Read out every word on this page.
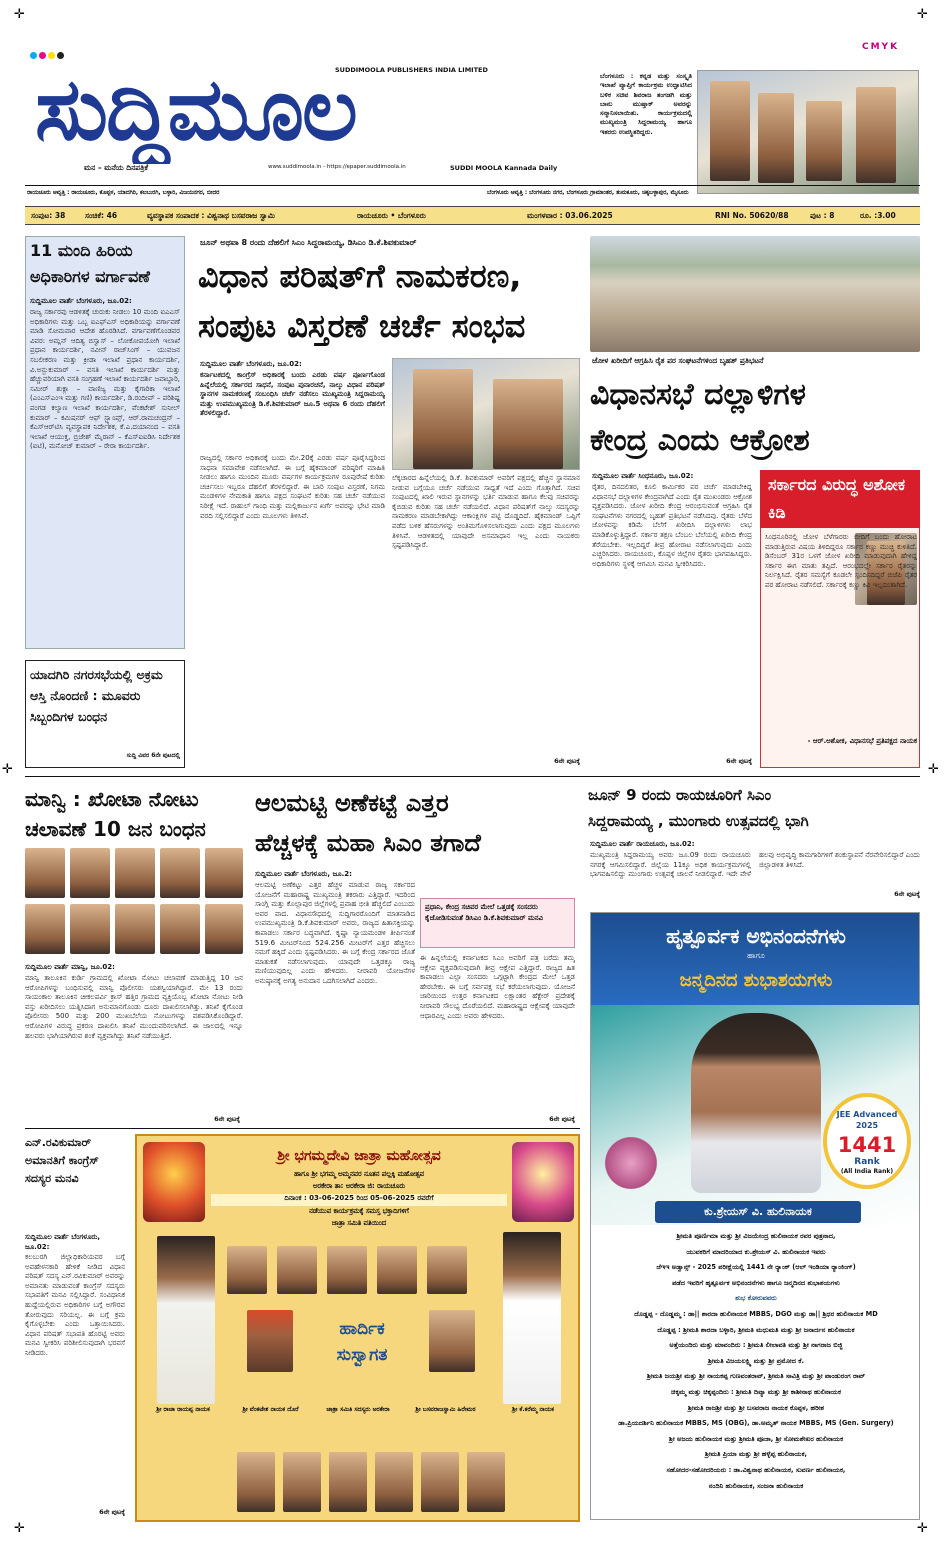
✛	✛
✛	✛
✛	✛
CMYK
SUDDIMOOLA PUBLISHERS INDIA LIMITED
ಸುದ್ದಿಮೂಲ
ಮನ – ಮನೆಯ ದಿನಪತ್ರಿಕೆ	www.suddimoola.in - https://epaper.suddimoola.in	SUDDI MOOLA Kannada Daily
ಬೆಂಗಳೂರು : ಕನ್ನಡ ಮತ್ತು ಸಂಸ್ಕೃತಿ ಇಲಾಖೆ ವ್ಯಾಪ್ತಿಗೆ ಕಾರ್ಯಕ್ರಮ ಉದ್ಘಾಟಿಸಿದ ಬಳಿಕ ಸಚಿವ ಶಿವರಾಜ ತಂಗಡಗಿ ಮತ್ತು ಬಾನು ಮುಷ್ತಾಕ್ ಅವರನ್ನು ಸನ್ಮಾನಿಸಲಾಯಿತು. ಕಾರ್ಯಕ್ರಮದಲ್ಲಿ ಮುಖ್ಯಮಂತ್ರಿ ಸಿದ್ದರಾಮಯ್ಯ ಹಾಗೂ ಇತರರು ಉಪಸ್ಥಿತರಿದ್ದರು.
ರಾಯಚೂರು ಆವೃತ್ತಿ : ರಾಯಚೂರು, ಕೊಪ್ಪಳ, ಯಾದಗಿರಿ, ಕಲಬುರಗಿ, ಬಳ್ಳಾರಿ, ವಿಜಯನಗರ, ಬೀದರ	ಬೆಂಗಳೂರು ಆವೃತ್ತಿ : ಬೆಂಗಳೂರು ನಗರ, ಬೆಂಗಳೂರು ಗ್ರಾಮಾಂತರ, ತುಮಕೂರು, ಚಿಕ್ಕಬಳ್ಳಾಪುರ, ಮೈಸೂರು
ಸಂಪುಟ: 38	ಸಂಚಿಕೆ: 46	ವ್ಯವಸ್ಥಾಪಕ ಸಂಪಾದಕ : ವಿಶ್ವನಾಥ ಬಸವರಾಜ ಸ್ವಾಮಿ	ರಾಯಚೂರು • ಬೆಂಗಳೂರು	ಮಂಗಳವಾರ : 03.06.2025	RNI No. 50620/88	ಪುಟ : 8	ರೂ. :3.00
11 ಮಂದಿ ಹಿರಿಯ ಅಧಿಕಾರಿಗಳ ವರ್ಗಾವಣೆ
ಸುದ್ದಿಮೂಲ ವಾರ್ತೆ ಬೆಂಗಳೂರು, ಜೂ.02:
ರಾಜ್ಯ ಸರ್ಕಾರವು ಆಡಳಿತಕ್ಕೆ ಚುರುಕು ನೀಡಲು 10 ಮಂದಿ ಐಎಎಸ್ ಅಧಿಕಾರಿಗಳು ಮತ್ತು ಒಬ್ಬ ಐಎಫ್‌ಎಸ್ ಅಧಿಕಾರಿಯನ್ನು ವರ್ಗಾವಣೆ ಮಾಡಿ ಸೋಮವಾರ ಆದೇಶ ಹೊರಡಿಸಿದೆ. ವರ್ಗಾವಣೆಗೊಂಡವರ ವಿವರ: ಅಮ್ಲನ್ ಆದಿತ್ಯ ಬಿಸ್ವಾಸ್ – ಲೋಕೋಪಯೋಗಿ ಇಲಾಖೆ ಪ್ರಧಾನ ಕಾರ್ಯದರ್ಶಿ, ನವೀನ್ ರಾಜ್‌ಸಿಂಗ್ – ಯುವಜನ ಸಬಲೀಕರಣ ಮತ್ತು ಕ್ರೀಡಾ ಇಲಾಖೆ ಪ್ರಧಾನ ಕಾರ್ಯದರ್ಶಿ, ವಿ.ಅನ್ಬುಕುಮಾರ್ – ವಸತಿ ಇಲಾಖೆ ಕಾರ್ಯದರ್ಶಿ ಮತ್ತು ಹೆಚ್ಚುವರಿಯಾಗಿ ವಸತಿ ಸಂಗ್ರಹಣೆ ಇಲಾಖೆ ಕಾರ್ಯದರ್ಶಿ ಜವಾಬ್ದಾರಿ, ಸಮೀರ್ ಶುಕ್ಲಾ – ವಾಣಿಜ್ಯ ಮತ್ತು ಕೈಗಾರಿಕಾ ಇಲಾಖೆ (ಎಂಎಸ್‌ಎಂಇ ಮತ್ತು ಗಣಿ) ಕಾರ್ಯದರ್ಶಿ, ಡಿ.ರಂದೀಪ್ – ಪರಿಶಿಷ್ಟ ಪಂಗಡ ಕಲ್ಯಾಣ ಇಲಾಖೆ ಕಾರ್ಯದರ್ಶಿ, ವೆಂಕಟೇಶ್ ಸುನೀಲ್ ಕುಮಾರ್ – ಕಮಿಷನರ್ ಆಫ್ ಸ್ಟ್ಯಾಂಪ್ಸ್, ಆರ್.ರಾಮಚಂದ್ರನ್ – ಕೆಎಸ್‌ಆರ್‌ಟಿಸಿ ವ್ಯವಸ್ಥಾಪಕ ನಿರ್ದೇಶಕ, ಕೆ.ಎ.ದಯಾನಂದ – ವಸತಿ ಇಲಾಖೆ ಆಯುಕ್ತ, ಬ್ರಿಜೇಶ್ ಮೈರಾನ್ – ಕೆಎಸ್‌ಐಐಡಿಸಿ ನಿರ್ದೇಶಕ (ಐಟಿ), ಮನೋಜ್ ಕುಮಾರ್ – ರೇರಾ ಕಾರ್ಯದರ್ಶಿ.
ಯಾದಗಿರಿ ನಗರಸಭೆಯಲ್ಲಿ ಅಕ್ರಮ ಆಸ್ತಿ ನೊಂದಣಿ : ಮೂವರು ಸಿಬ್ಬಂದಿಗಳ ಬಂಧನ
ಸುದ್ದಿ ವಿವರ 6ನೇ ಪುಟದಲ್ಲಿ
ಜೂನ್ ಅಥವಾ 8 ರಂದು ದೆಹಲಿಗೆ ಸಿಎಂ ಸಿದ್ದರಾಮಯ್ಯ, ಡಿಸಿಎಂ ಡಿ.ಕೆ.ಶಿವಕುಮಾರ್
ವಿಧಾನ ಪರಿಷತ್‌ಗೆ ನಾಮಕರಣ,
ಸಂಪುಟ ವಿಸ್ತರಣೆ ಚರ್ಚೆ ಸಂಭವ
ಸುದ್ದಿಮೂಲ ವಾರ್ತೆ ಬೆಂಗಳೂರು, ಜೂ.02:
ಕರ್ನಾಟಕದಲ್ಲಿ ಕಾಂಗ್ರೆಸ್ ಅಧಿಕಾರಕ್ಕೆ ಬಂದು ಎರಡು ವರ್ಷ ಪೂರ್ಣಗೊಂಡ ಹಿನ್ನೆಲೆಯಲ್ಲಿ ಸರ್ಕಾರದ ಸಾಧನೆ, ಸಂಪುಟ ಪುನಾರಚನೆ, ನಾಲ್ಕು ವಿಧಾನ ಪರಿಷತ್ ಸ್ಥಾನಗಳ ನಾಮಕರಣಕ್ಕೆ ಸಂಬಂಧಿಸಿ ಚರ್ಚೆ ನಡೆಸಲು ಮುಖ್ಯಮಂತ್ರಿ ಸಿದ್ದರಾಮಯ್ಯ ಮತ್ತು ಉಪಮುಖ್ಯಮಂತ್ರಿ ಡಿ.ಕೆ.ಶಿವಕುಮಾರ್ ಜೂ.5 ಅಥವಾ 6 ರಂದು ದೆಹಲಿಗೆ ತೆರಳಲಿದ್ದಾರೆ.
ರಾಜ್ಯದಲ್ಲಿ ಸರ್ಕಾರ ಅಧಿಕಾರಕ್ಕೆ ಬಂದು ಮೇ.20ಕ್ಕೆ ಎರಡು ವರ್ಷ ಪೂರೈಸಿದ್ದರಿಂದ ಸಾಧನಾ ಸಮಾವೇಶ ನಡೆಸಲಾಗಿದೆ. ಈ ಬಗ್ಗೆ ಹೈಕಮಾಂಡ್ ವರಿಷ್ಠರಿಗೆ ಮಾಹಿತಿ ನೀಡಲು ಹಾಗೂ ಮುಂದಿನ ಮೂರು ವರ್ಷಗಳ ಕಾರ್ಯಕ್ರಮಗಳ ರೂಪುರೇಷೆ ಕುರಿತು ಚರ್ಚಿಸಲು ಇಬ್ಬರೂ ದೆಹಲಿಗೆ ತೆರಳಲಿದ್ದಾರೆ. ಈ ಬಾರಿ ಸಂಪುಟ ವಿಸ್ತರಣೆ, ನಿಗಮ ಮಂಡಳಿಗಳ ನೇಮಕಾತಿ ಹಾಗೂ ಪಕ್ಷದ ಸಂಘಟನೆ ಕುರಿತು ಸಹ ಚರ್ಚೆ ನಡೆಯುವ ನಿರೀಕ್ಷೆ ಇದೆ. ರಾಹುಲ್ ಗಾಂಧಿ ಮತ್ತು ಮಲ್ಲಿಕಾರ್ಜುನ ಖರ್ಗೆ ಅವರನ್ನು ಭೇಟಿ ಮಾಡಿ ವರದಿ ಸಲ್ಲಿಸಲಿದ್ದಾರೆ ಎಂದು ಮೂಲಗಳು ತಿಳಿಸಿವೆ.
ಲೆಕ್ಕಚಾರದ ಹಿನ್ನೆಲೆಯಲ್ಲಿ ಡಿ.ಕೆ. ಶಿವಕುಮಾರ್ ಅವರಿಗೆ ಪಕ್ಷದಲ್ಲಿ ಹೆಚ್ಚಿನ ಸ್ಥಾನಮಾನ ನೀಡುವ ಬಗ್ಗೆಯೂ ಚರ್ಚೆ ನಡೆಯುವ ಸಾಧ್ಯತೆ ಇದೆ ಎಂದು ಗೊತ್ತಾಗಿದೆ. ಸಚಿವ ಸಂಪುಟದಲ್ಲಿ ಖಾಲಿ ಇರುವ ಸ್ಥಾನಗಳನ್ನು ಭರ್ತಿ ಮಾಡುವ ಹಾಗೂ ಕೆಲವು ಸಚಿವರನ್ನು ಕೈಬಿಡುವ ಕುರಿತು ಸಹ ಚರ್ಚೆ ನಡೆಯಲಿದೆ. ವಿಧಾನ ಪರಿಷತ್‌ಗೆ ನಾಲ್ಕು ಸದಸ್ಯರನ್ನು ನಾಮಕರಣ ಮಾಡಬೇಕಾಗಿದ್ದು ಆಕಾಂಕ್ಷಿಗಳ ಪಟ್ಟಿ ದೊಡ್ಡದಿದೆ. ಹೈಕಮಾಂಡ್ ಒಪ್ಪಿಗೆ ಪಡೆದ ಬಳಿಕ ಹೆಸರುಗಳನ್ನು ಅಂತಿಮಗೊಳಿಸಲಾಗುವುದು ಎಂದು ಪಕ್ಷದ ಮೂಲಗಳು ತಿಳಿಸಿವೆ. ಆಡಳಿತದಲ್ಲಿ ಯಾವುದೇ ಅಸಮಾಧಾನ ಇಲ್ಲ ಎಂದು ನಾಯಕರು ಸ್ಪಷ್ಟಪಡಿಸಿದ್ದಾರೆ.
6ನೇ ಪುಟಕ್ಕೆ
ಜೋಳ ಖರೀದಿಗೆ ಆಗ್ರಹಿಸಿ ರೈತ ಪರ ಸಂಘಟನೆಗಳಿಂದ ಬೃಹತ್ ಪ್ರತಿಭಟನೆ
ವಿಧಾನಸಭೆ ದಲ್ಲಾಳಿಗಳ
ಕೇಂದ್ರ ಎಂದು ಆಕ್ರೋಶ
ಸುದ್ದಿಮೂಲ ವಾರ್ತೆ ಸಿಂಧನೂರು, ಜೂ.02:
ರೈತರ, ದಿನದಲಿತರ, ಕೂಲಿ ಕಾರ್ಮಿಕರ ಪರ ಚರ್ಚೆ ಮಾಡಬೇಕಿದ್ದ ವಿಧಾನಸಭೆ ದಲ್ಲಾಳಿಗಳ ಕೇಂದ್ರವಾಗಿದೆ ಎಂದು ರೈತ ಮುಖಂಡರು ಆಕ್ರೋಶ ವ್ಯಕ್ತಪಡಿಸಿದರು. ಜೋಳ ಖರೀದಿ ಕೇಂದ್ರ ಆರಂಭಿಸುವಂತೆ ಆಗ್ರಹಿಸಿ ರೈತ ಸಂಘಟನೆಗಳು ನಗರದಲ್ಲಿ ಬೃಹತ್ ಪ್ರತಿಭಟನೆ ನಡೆಸಿದವು. ರೈತರು ಬೆಳೆದ ಜೋಳವನ್ನು ಕಡಿಮೆ ಬೆಲೆಗೆ ಖರೀದಿಸಿ ದಲ್ಲಾಳಿಗಳು ಲಾಭ ಮಾಡಿಕೊಳ್ಳುತ್ತಿದ್ದಾರೆ. ಸರ್ಕಾರ ತಕ್ಷಣ ಬೆಂಬಲ ಬೆಲೆಯಲ್ಲಿ ಖರೀದಿ ಕೇಂದ್ರ ತೆರೆಯಬೇಕು. ಇಲ್ಲದಿದ್ದರೆ ತೀವ್ರ ಹೋರಾಟ ನಡೆಸಲಾಗುವುದು ಎಂದು ಎಚ್ಚರಿಸಿದರು. ರಾಯಚೂರು, ಕೊಪ್ಪಳ ಜಿಲ್ಲೆಗಳ ರೈತರು ಭಾಗವಹಿಸಿದ್ದರು. ಅಧಿಕಾರಿಗಳು ಸ್ಥಳಕ್ಕೆ ಆಗಮಿಸಿ ಮನವಿ ಸ್ವೀಕರಿಸಿದರು.
6ನೇ ಪುಟಕ್ಕೆ
ಸರ್ಕಾರದ ವಿರುದ್ಧ ಅಶೋಕ ಕಿಡಿ
ಸಿಂಧನೂರಿನಲ್ಲಿ ಜೋಳ ಬೆಳೆಗಾರರು ಬೀದಿಗೆ ಬಂದು ಹೋರಾಟ ಮಾಡುತ್ತಿರುವ ವಿಷಯ ತಿಳಿದಿದ್ದರೂ ಸರ್ಕಾರ ಕಣ್ಣು ಮುಚ್ಚಿ ಕುಳಿತಿದೆ. ಡಿಸೆಂಬರ್ 31ರ ಒಳಗೆ ಜೋಳ ಖರೀದಿ ಮಾಡುವುದಾಗಿ ಹೇಳಿದ್ದ ಸರ್ಕಾರ ಈಗ ಮಾತು ತಪ್ಪಿದೆ. ಆರಂಭದಲ್ಲೇ ಸರ್ಕಾರ ರೈತರನ್ನು ನಿರ್ಲಕ್ಷಿಸಿದೆ. ರೈತರ ಸಮಸ್ಯೆಗೆ ಕೂಡಲೇ ಸ್ಪಂದಿಸದಿದ್ದರೆ ಬಿಜೆಪಿ ರೈತರ ಪರ ಹೋರಾಟ ನಡೆಸಲಿದೆ. ಸರ್ಕಾರಕ್ಕೆ ಕಣ್ಣು ಕಿವಿ ಇಲ್ಲದಂತಾಗಿದೆ.
- ಆರ್.ಅಶೋಕ, ವಿಧಾನಸಭೆ ಪ್ರತಿಪಕ್ಷದ ನಾಯಕ
ಮಾನ್ವಿ : ಖೋಟಾ ನೋಟು
ಚಲಾವಣೆ 10 ಜನ ಬಂಧನ
ಸುದ್ದಿಮೂಲ ವಾರ್ತೆ ಮಾನ್ವಿ, ಜೂ.02:
ಮಾನ್ವಿ ತಾಲೂಕಿನ ಕುರ್ಡಿ ಗ್ರಾಮದಲ್ಲಿ ಖೋಟಾ ನೋಟು ಚಲಾವಣೆ ಮಾಡುತ್ತಿದ್ದ 10 ಜನ ಆರೋಪಿಗಳನ್ನು ಬಂಧಿಸುವಲ್ಲಿ ಮಾನ್ವಿ ಪೊಲೀಸರು ಯಶಸ್ವಿಯಾಗಿದ್ದಾರೆ. ಮೇ 13 ರಂದು ಸಾಯಂಕಾಲ ತಾಲೂಕಿನ ಚೀಕಲಪರ್ವಿ ಕ್ರಾಸ್ ಹತ್ತಿರ ಗ್ರಾಮದ ವ್ಯಕ್ತಿಯೊಬ್ಬ ಖೋಟಾ ನೋಟು ನೀಡಿ ವಸ್ತು ಖರೀದಿಸಲು ಯತ್ನಿಸಿದಾಗ ಅನುಮಾನಗೊಂಡು ದೂರು ದಾಖಲಿಸಲಾಗಿತ್ತು. ತನಿಖೆ ಕೈಗೊಂಡ ಪೊಲೀಸರು 500 ಮತ್ತು 200 ಮುಖಬೆಲೆಯ ನೋಟುಗಳನ್ನು ವಶಪಡಿಸಿಕೊಂಡಿದ್ದಾರೆ. ಆರೋಪಿಗಳ ವಿರುದ್ಧ ಪ್ರಕರಣ ದಾಖಲಿಸಿ ತನಿಖೆ ಮುಂದುವರಿಸಲಾಗಿದೆ. ಈ ಜಾಲದಲ್ಲಿ ಇನ್ನೂ ಹಲವರು ಭಾಗಿಯಾಗಿರುವ ಶಂಕೆ ವ್ಯಕ್ತವಾಗಿದ್ದು ತನಿಖೆ ನಡೆಯುತ್ತಿದೆ.
6ನೇ ಪುಟಕ್ಕೆ
ಆಲಮಟ್ಟಿ ಅಣೆಕಟ್ಟೆ ಎತ್ತರ
ಹೆಚ್ಚಳಕ್ಕೆ ಮಹಾ ಸಿಎಂ ತಗಾದೆ
ಸುದ್ದಿಮೂಲ ವಾರ್ತೆ ಬೆಂಗಳೂರು, ಜೂ.2:
ಆಲಮಟ್ಟಿ ಅಣೆಕಟ್ಟು ಎತ್ತರ ಹೆಚ್ಚಳ ಮಾಡುವ ರಾಜ್ಯ ಸರ್ಕಾರದ ಯೋಜನೆಗೆ ಮಹಾರಾಷ್ಟ್ರ ಮುಖ್ಯಮಂತ್ರಿ ತಕರಾರು ಎತ್ತಿದ್ದಾರೆ. ಇದರಿಂದ ಸಾಂಗ್ಲಿ ಮತ್ತು ಕೊಲ್ಲಾಪುರ ಜಿಲ್ಲೆಗಳಲ್ಲಿ ಪ್ರವಾಹ ಭೀತಿ ಹೆಚ್ಚಲಿದೆ ಎಂಬುದು ಅವರ ವಾದ. ವಿಧಾನಸೌಧದಲ್ಲಿ ಸುದ್ದಿಗಾರರೊಂದಿಗೆ ಮಾತನಾಡಿದ ಉಪಮುಖ್ಯಮಂತ್ರಿ ಡಿ.ಕೆ.ಶಿವಕುಮಾರ್ ಅವರು, ರಾಜ್ಯದ ಹಿತಾಸಕ್ತಿಯನ್ನು ಕಾಪಾಡಲು ಸರ್ಕಾರ ಬದ್ಧವಾಗಿದೆ. ಕೃಷ್ಣಾ ನ್ಯಾಯಮಂಡಳಿ ತೀರ್ಪಿನಂತೆ 519.6 ಮೀಟರ್‌ನಿಂದ 524.256 ಮೀಟರ್‌ಗೆ ಎತ್ತರ ಹೆಚ್ಚಿಸಲು ನಮಗೆ ಹಕ್ಕಿದೆ ಎಂದು ಸ್ಪಷ್ಟಪಡಿಸಿದರು. ಈ ಬಗ್ಗೆ ಕೇಂದ್ರ ಸರ್ಕಾರದ ಜೊತೆ ಮಾತುಕತೆ ನಡೆಸಲಾಗುವುದು. ಯಾವುದೇ ಒತ್ತಡಕ್ಕೂ ರಾಜ್ಯ ಮಣಿಯುವುದಿಲ್ಲ ಎಂದು ಹೇಳಿದರು. ನೀರಾವರಿ ಯೋಜನೆಗಳ ಅನುಷ್ಠಾನಕ್ಕೆ ಅಗತ್ಯ ಅನುದಾನ ಒದಗಿಸಲಾಗಿದೆ ಎಂದರು.
ಪ್ರಧಾನಿ, ಕೇಂದ್ರ ಸಚಿವರ ಮೇಲೆ ಒತ್ತಡಕ್ಕೆ ಸಂಸದರು ಕೈಜೋಡಿಸುವಂತೆ ಡಿಸಿಎಂ ಡಿ.ಕೆ.ಶಿವಕುಮಾರ್ ಮನವಿ
ಈ ಹಿನ್ನಲೆಯಲ್ಲಿ ಕರ್ನಾಟಕದ ಸಿಎಂ ಅವರಿಗೆ ಪತ್ರ ಬರೆದು ತಮ್ಮ ಆಕ್ಷೇಪ ವ್ಯಕ್ತಪಡಿಸುವುದಾಗಿ ತೀವ್ರ ಆಕ್ಷೇಪ ಎತ್ತಿದ್ದಾರೆ. ರಾಜ್ಯದ ಹಿತ ಕಾಪಾಡಲು ಎಲ್ಲಾ ಸಂಸದರು ಒಗ್ಗಟ್ಟಾಗಿ ಕೇಂದ್ರದ ಮೇಲೆ ಒತ್ತಡ ಹೇರಬೇಕು. ಈ ಬಗ್ಗೆ ಸರ್ವಪಕ್ಷ ಸಭೆ ಕರೆಯಲಾಗುವುದು. ಯೋಜನೆ ಜಾರಿಯಿಂದ ಉತ್ತರ ಕರ್ನಾಟಕದ ಲಕ್ಷಾಂತರ ಹೆಕ್ಟೇರ್ ಪ್ರದೇಶಕ್ಕೆ ನೀರಾವರಿ ಸೌಲಭ್ಯ ದೊರೆಯಲಿದೆ. ಮಹಾರಾಷ್ಟ್ರದ ಆಕ್ಷೇಪಕ್ಕೆ ಯಾವುದೇ ಆಧಾರವಿಲ್ಲ ಎಂದು ಅವರು ಹೇಳಿದರು.
6ನೇ ಪುಟಕ್ಕೆ
ಜೂನ್ 9 ರಂದು ರಾಯಚೂರಿಗೆ ಸಿಎಂ
ಸಿದ್ದರಾಮಯ್ಯ , ಮುಂಗಾರು ಉತ್ಸವದಲ್ಲಿ ಭಾಗಿ
ಸುದ್ದಿಮೂಲ ವಾರ್ತೆ ರಾಯಚೂರು, ಜೂ.02:
ಮುಖ್ಯಮಂತ್ರಿ ಸಿದ್ದರಾಮಯ್ಯ ಅವರು ಜೂ.09 ರಂದು ರಾಯಚೂರು ನಗರಕ್ಕೆ ಆಗಮಿಸಲಿದ್ದಾರೆ. ಜಿಲ್ಲೆಯ 11ಕ್ಕೂ ಅಧಿಕ ಕಾರ್ಯಕ್ರಮಗಳಲ್ಲಿ ಭಾಗವಹಿಸಲಿದ್ದು ಮುಂಗಾರು ಉತ್ಸವಕ್ಕೆ ಚಾಲನೆ ನೀಡಲಿದ್ದಾರೆ. ಇದೇ ವೇಳೆ ಹಲವು ಅಭಿವೃದ್ಧಿ ಕಾಮಗಾರಿಗಳಿಗೆ ಶಂಕುಸ್ಥಾಪನೆ ನೆರವೇರಿಸಲಿದ್ದಾರೆ ಎಂದು ಜಿಲ್ಲಾಡಳಿತ ತಿಳಿಸಿದೆ.
6ನೇ ಪುಟಕ್ಕೆ
ಹೃತ್ಪೂರ್ವಕ ಅಭಿನಂದನೆಗಳು
ಹಾಗೂ
ಜನ್ಮದಿನದ ಶುಭಾಶಯಗಳು
JEE Advanced 2025
1441
Rank
(All India Rank)
ಕು.ಶ್ರೇಯಸ್ ವಿ. ಹುಲಿನಾಯಕ
ಶ್ರೀಮತಿ ಪೂರ್ಣಿಮಾ ಮತ್ತು ಶ್ರೀ ವಿಜಯೇಂದ್ರ ಹುಲಿನಾಯಕ ರವರ ಪುತ್ರನಾದ,
ಯುವಕರಿಗೆ ಮಾದರಿಯಾದ ಕು.ಶ್ರೇಯಸ್ ವಿ. ಹುಲಿನಾಯಕ ಇವರು
ಜೆಇಇ ಅಡ್ವಾನ್ಸ್ - 2025 ಪರೀಕ್ಷೆಯಲ್ಲಿ 1441 ನೇ ರ‍್ಯಾಂಕ್ (ಆಲ್ ಇಂಡಿಯಾ ರ‍್ಯಾಂಕಿಂಗ್)
ಪಡೆದ ಇವರಿಗೆ ಹೃತ್ಪೂರ್ವಕ ಅಭಿನಂದನೆಗಳು ಹಾಗೂ ಜನ್ಮದಿನದ ಶುಭಾಶಯಗಳು
ಶುಭ ಕೋರುವವರು
ದೊಡ್ಡಪ್ಪ - ದೊಡ್ಡಮ್ಮ : ಡಾ|| ಶಾರದಾ ಹುಲಿನಾಯಕ MBBS, DGO ಮತ್ತು ಡಾ|| ಶ್ರಿಧರ ಹುಲಿನಾಯಕ MD
ದೊಡ್ಡಪ್ಪ : ಶ್ರೀಮತಿ ಶಾರದಾ ಬಳ್ಳಾರಿ, ಶ್ರೀಮತಿ ಮಧುಮತಿ ಮತ್ತು ಶ್ರೀ ಜನಾರ್ದನ ಹುಲಿನಾಯಕ
ಅತ್ತೆಯಂದಿರು ಮತ್ತು ಮಾವಂದಿರು : ಶ್ರೀಮತಿ ಲೀಲಾವತಿ ಮತ್ತು ಶ್ರೀ ನಾಗರಾಜ ಬಿಜ್ಜಿ
ಶ್ರೀಮತಿ ವಿಜಯಲಕ್ಷ್ಮಿ ಮತ್ತು ಶ್ರೀ ಪ್ರಮೋದ ಕೆ.
ಶ್ರೀಮತಿ ಜಯಶ್ರೀ ಮತ್ತು ಶ್ರೀ ನಾಯಕಪ್ಪ ಗುಣವಂತರಾವ್, ಶ್ರೀಮತಿ ಸಾವಿತ್ರಿ ಮತ್ತು ಶ್ರೀ ಪಾಂಡುರಂಗ ರಾವ್
ಚಿಕ್ಕಮ್ಮ ಮತ್ತು ಚಿಕ್ಕಪ್ಪಂದಿರು : ಶ್ರೀಮತಿ ದಿವ್ಯಾ ಮತ್ತು ಶ್ರೀ ಕಾಶೀನಾಥ ಹುಲಿನಾಯಕ
ಶ್ರೀಮತಿ ರಾಜಶ್ರೀ ಮತ್ತು ಶ್ರೀ ಬಸವರಾಜ ನಾಯಕ ಕೊಪ್ಪಳ, ಹರೀಶ
ಡಾ.ಪ್ರಿಯದರ್ಶಿನಿ ಹುಲಿನಾಯಕ MBBS, MS (OBG), ಡಾ.ಅಮೃತ್ ನಾಯಕ MBBS, MS (Gen. Surgery)
ಶ್ರೀ ಅಜಯ ಹುಲಿನಾಯಕ ಮತ್ತು ಶ್ರೀಮತಿ ಪೂಜಾ, ಶ್ರೀ ಸೋಮಶೇಖರ ಹುಲಿನಾಯಕ
ಶ್ರೀಮತಿ ಪ್ರಿಯಾ ಮತ್ತು ಶ್ರೀ ಹಳ್ಳೆಪ್ಪ ಹುಲಿನಾಯಕ,
ಸಹೋದರ-ಸಹೋದರಿಯರು : ಡಾ.ವಿಶ್ವನಾಥ ಹುಲಿನಾಯಕ, ಸುವರ್ಣ ಹುಲಿನಾಯಕ,
ನಂದಿನಿ ಹುಲಿನಾಯಕ, ಸಂಜನಾ ಹುಲಿನಾಯಕ
ಎನ್.ರವಿಕುಮಾರ್ ಅಮಾನತಿಗೆ ಕಾಂಗ್ರೆಸ್ ಸದಸ್ಯರ ಮನವಿ
ಸುದ್ದಿಮೂಲ ವಾರ್ತೆ ಬೆಂಗಳೂರು, ಜೂ.02:
ಕಲಬುರಗಿ ಜಿಲ್ಲಾಧಿಕಾರಿಯವರ ಬಗ್ಗೆ ಅವಹೇಳನಕಾರಿ ಹೇಳಿಕೆ ನೀಡಿದ ವಿಧಾನ ಪರಿಷತ್ ಸದಸ್ಯ ಎನ್.ರವಿಕುಮಾರ್ ಅವರನ್ನು ಅಮಾನತು ಮಾಡುವಂತೆ ಕಾಂಗ್ರೆಸ್ ಸದಸ್ಯರು ಸಭಾಪತಿಗೆ ಮನವಿ ಸಲ್ಲಿಸಿದ್ದಾರೆ. ಸಂವಿಧಾನಿಕ ಹುದ್ದೆಯಲ್ಲಿರುವ ಅಧಿಕಾರಿಗಳ ಬಗ್ಗೆ ಅಗೌರವ ತೋರುವುದು ಸರಿಯಲ್ಲ. ಈ ಬಗ್ಗೆ ಕ್ರಮ ಕೈಗೊಳ್ಳಬೇಕು ಎಂದು ಒತ್ತಾಯಿಸಿದರು. ವಿಧಾನ ಪರಿಷತ್ ಸಭಾಪತಿ ಹೊರಟ್ಟಿ ಅವರು ಮನವಿ ಸ್ವೀಕರಿಸಿ ಪರಿಶೀಲಿಸುವುದಾಗಿ ಭರವಸೆ ನೀಡಿದರು.
6ನೇ ಪುಟಕ್ಕೆ
ಶ್ರೀ ಭಗಮ್ಮದೇವಿ ಜಾತ್ರಾ ಮಹೋತ್ಸವ
ಹಾಗೂ ಶ್ರೀ ಭಗಮ್ಮ ಅಮ್ಮನವರ ನೂತನ ಪಲ್ಲಕ್ಕಿ ಮಹೋತ್ಸವ
ಅರಕೇರಾ ತಾ: ಅರಕೇರಾ ಜಿ: ರಾಯಚೂರು
ದಿನಾಂಕ : 03-06-2025 ರಿಂದ 05-06-2025 ರವರೆಗೆ
ನಡೆಯುವ ಕಾರ್ಯಕ್ರಮಕ್ಕೆ ಸಮಸ್ತ ಭಕ್ತಾದಿಗಳಿಗೆ
ಜಾತ್ರಾ ಸಮಿತಿ ವತಿಯಿಂದ
ಹಾರ್ದಿಕ
ಸುಸ್ವಾಗತ
ಶ್ರೀ ರಾಜಾ ರಾಯಪ್ಪ ನಾಯಕ	ಶ್ರೀ ವೆಂಕಟೇಶ ನಾಯಕ ದೊರೆ	ಜಾತ್ರಾ ಸಮಿತಿ ಸದಸ್ಯರು ಅರಕೇರಾ	ಶ್ರೀ ಬಸವರಾಜಸ್ವಾಮಿ ಹಿರೇಮಠ	ಶ್ರೀ ಕೆ.ಕರೆಮ್ಮ ನಾಯಕ
